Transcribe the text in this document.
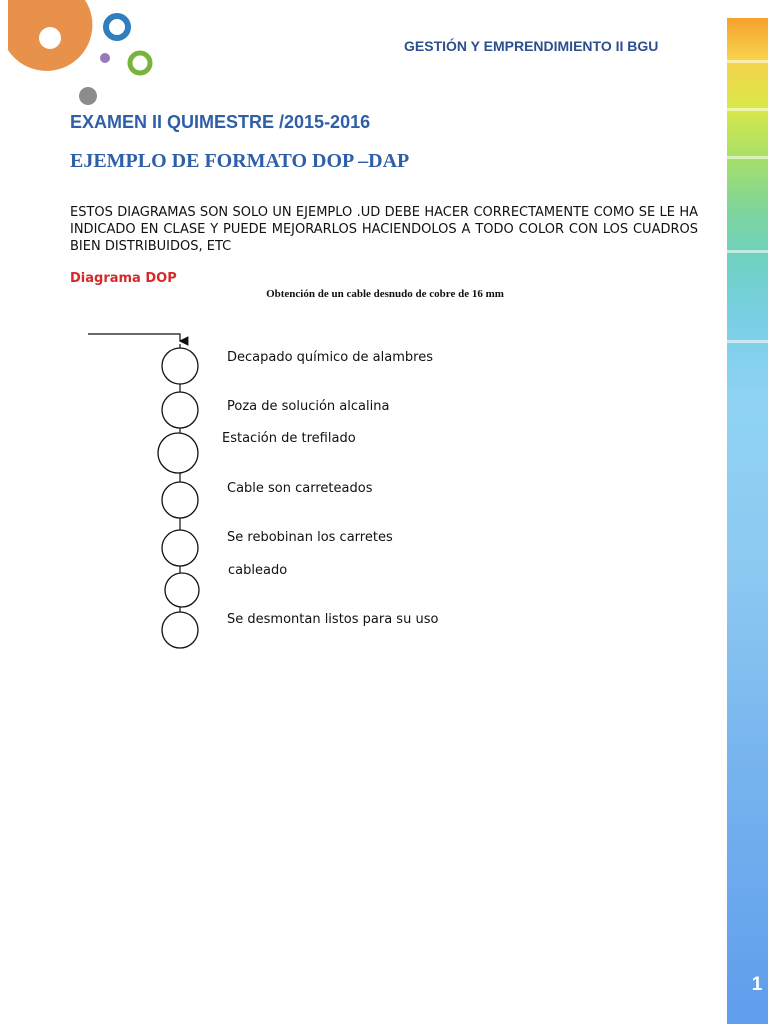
GESTIÓN Y EMPRENDIMIENTO II BGU
1
EXAMEN II QUIMESTRE /2015-2016
EJEMPLO DE FORMATO DOP –DAP
ESTOS DIAGRAMAS SON SOLO UN EJEMPLO .UD DEBE HACER CORRECTAMENTE COMO SE LE HA INDICADO EN CLASE Y PUEDE MEJORARLOS HACIENDOLOS A TODO COLOR CON LOS CUADROS BIEN DISTRIBUIDOS, ETC
Diagrama DOP
Obtención de un cable desnudo de cobre de 16 mm
Decapado químico de alambres
Poza de solución alcalina
Estación de trefilado
Cable son carreteados
Se rebobinan los carretes
cableado
Se desmontan listos para su uso
